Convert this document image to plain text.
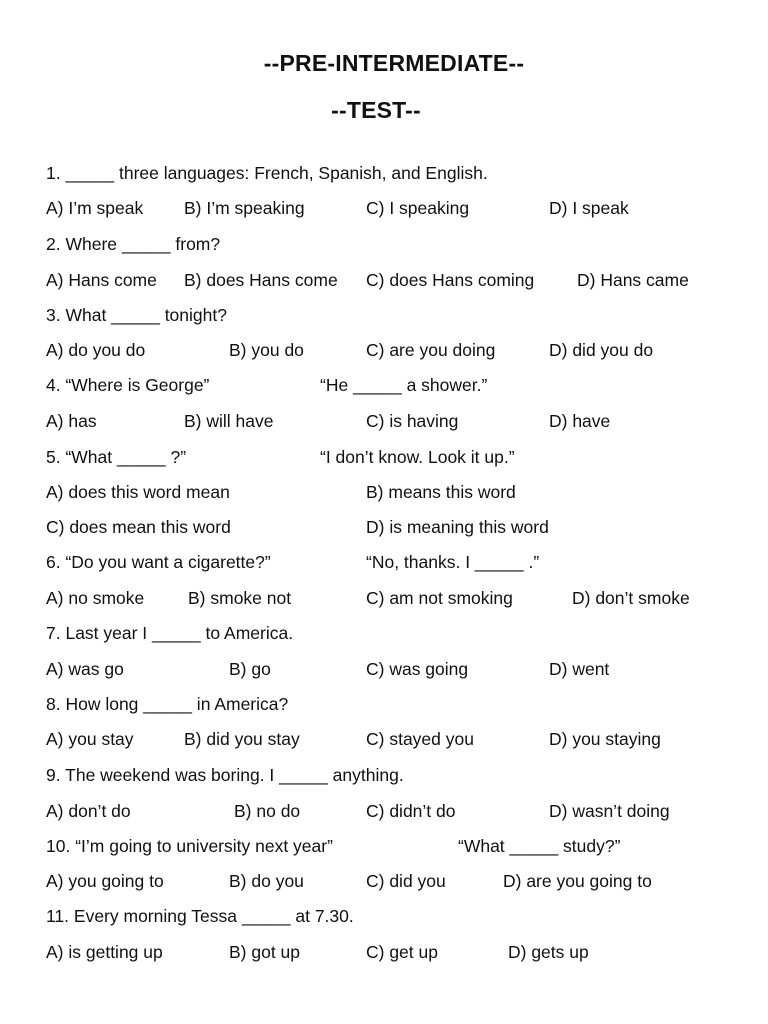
--PRE-INTERMEDIATE--
--TEST--
1. _____ three languages: French, Spanish, and English.
A) I’m speak B) I’m speaking	C) I speaking	D) I speak
2. Where _____ from?
A) Hans come B) does Hans come C) does Hans coming D) Hans came
3. What _____ tonight?
A) do you do	B) you do	C) are you doing	D) did you do
4. “Where is George”	“He _____ a shower.”
A) has	B) will have	C) is having	D) have
5. “What _____ ?”	“I don’t know. Look it up.”
A) does this word mean	B) means this word
C) does mean this word	D) is meaning this word
6. “Do you want a cigarette?”	“No, thanks. I _____ .”
A) no smoke	B) smoke not	C) am not smoking	D) don’t smoke
7. Last year I _____ to America.
A) was go	B) go	C) was going	D) went
8. How long _____ in America?
A) you stay	B) did you stay	C) stayed you	D) you staying
9. The weekend was boring. I _____ anything.
A) don’t do	B) no do	C) didn’t do	D) wasn’t doing
10. “I’m going to university next year”	“What _____ study?”
A) you going to	B) do you	C) did you	D) are you going to
11. Every morning Tessa _____ at 7.30.
A) is getting up	B) got up	C) get up	D) gets up
